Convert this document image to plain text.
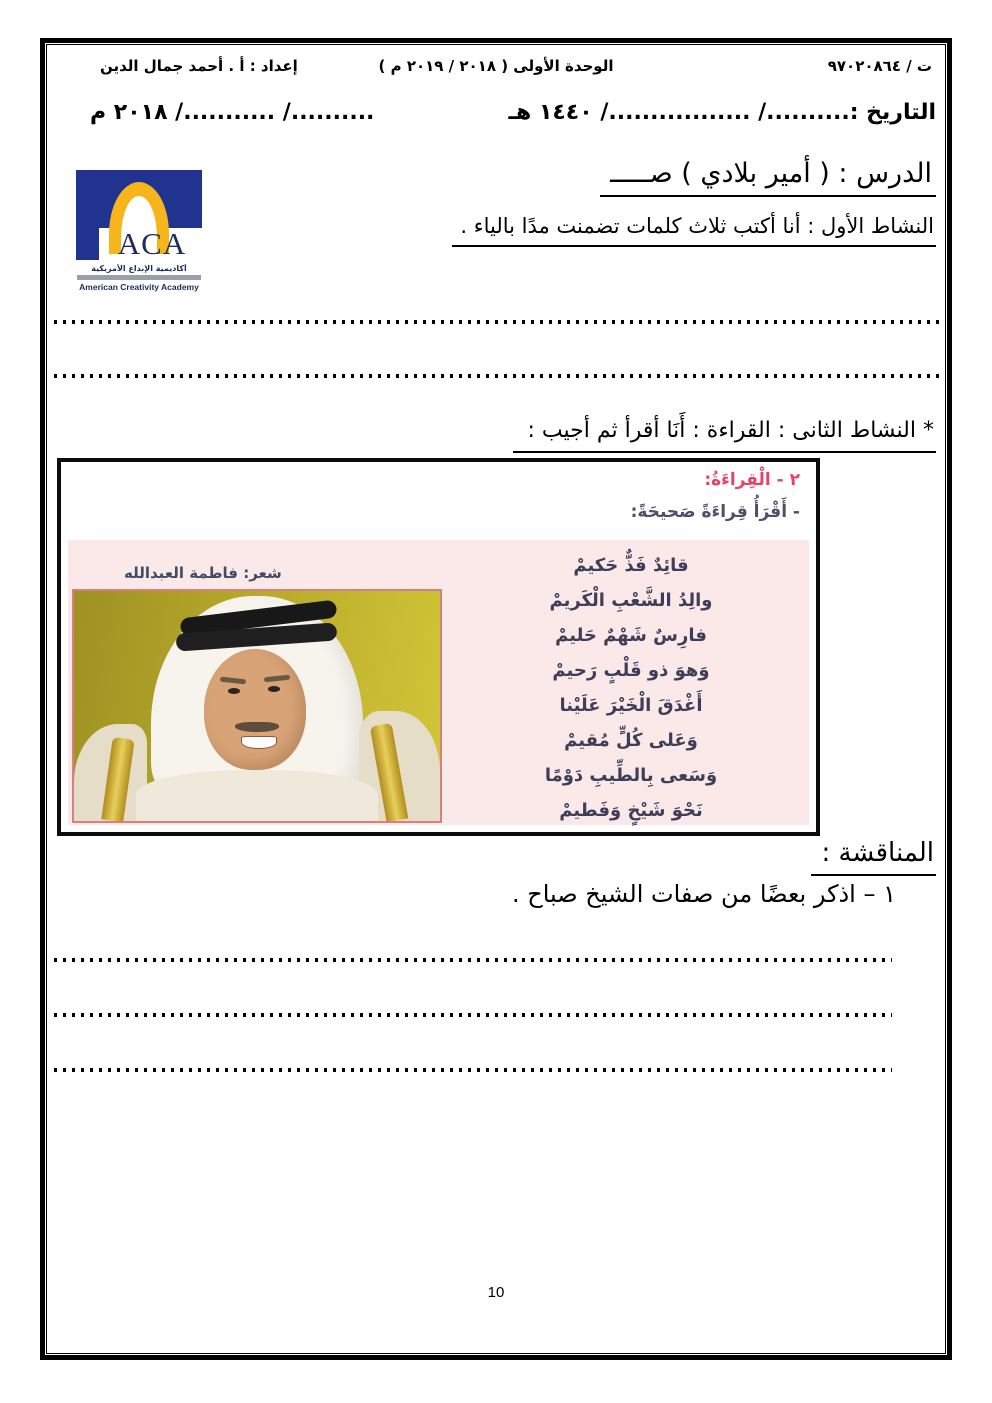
ت / ٩٧٠٢٠٨٦٤
الوحدة الأولى ( ٢٠١٨ / ٢٠١٩ م )
إعداد : أ . أحمد جمال الدين
التاريخ :........../ ................./ ١٤٤٠ هـ
........../ .........../ ٢٠١٨ م
الدرس : ( أمير بلادي ) صـــــ
ACA
أكاديمية الإبداع الأمريكية
American Creativity Academy
النشاط الأول : أنا أكتب ثلاث كلمات تضمنت مدًا بالياء .
* النشاط الثانى : القراءة : أَنَا أقرأ ثم أجيب :
٢ - الْقِراءَةُ:
- أَقْرَأُ قِراءَةً صَحيحَةً:
قائِدٌ فَذٌّ حَكيمْ
والِدُ الشَّعْبِ الْكَريمْ
فارِسٌ شَهْمٌ حَليمْ
وَهوَ ذو قَلْبٍ رَحيمْ
أَغْدَقَ الْخَيْرَ عَلَيْنا
وَعَلى كُلٍّ مُقيمْ
وَسَعى بِالطِّيبِ دَوْمًا
نَحْوَ شَيْخٍ وَفَطيمْ
شعر: فاطمة العبدالله
المناقشة :
١ – اذكر بعضًا من صفات الشيخ صباح .
10
